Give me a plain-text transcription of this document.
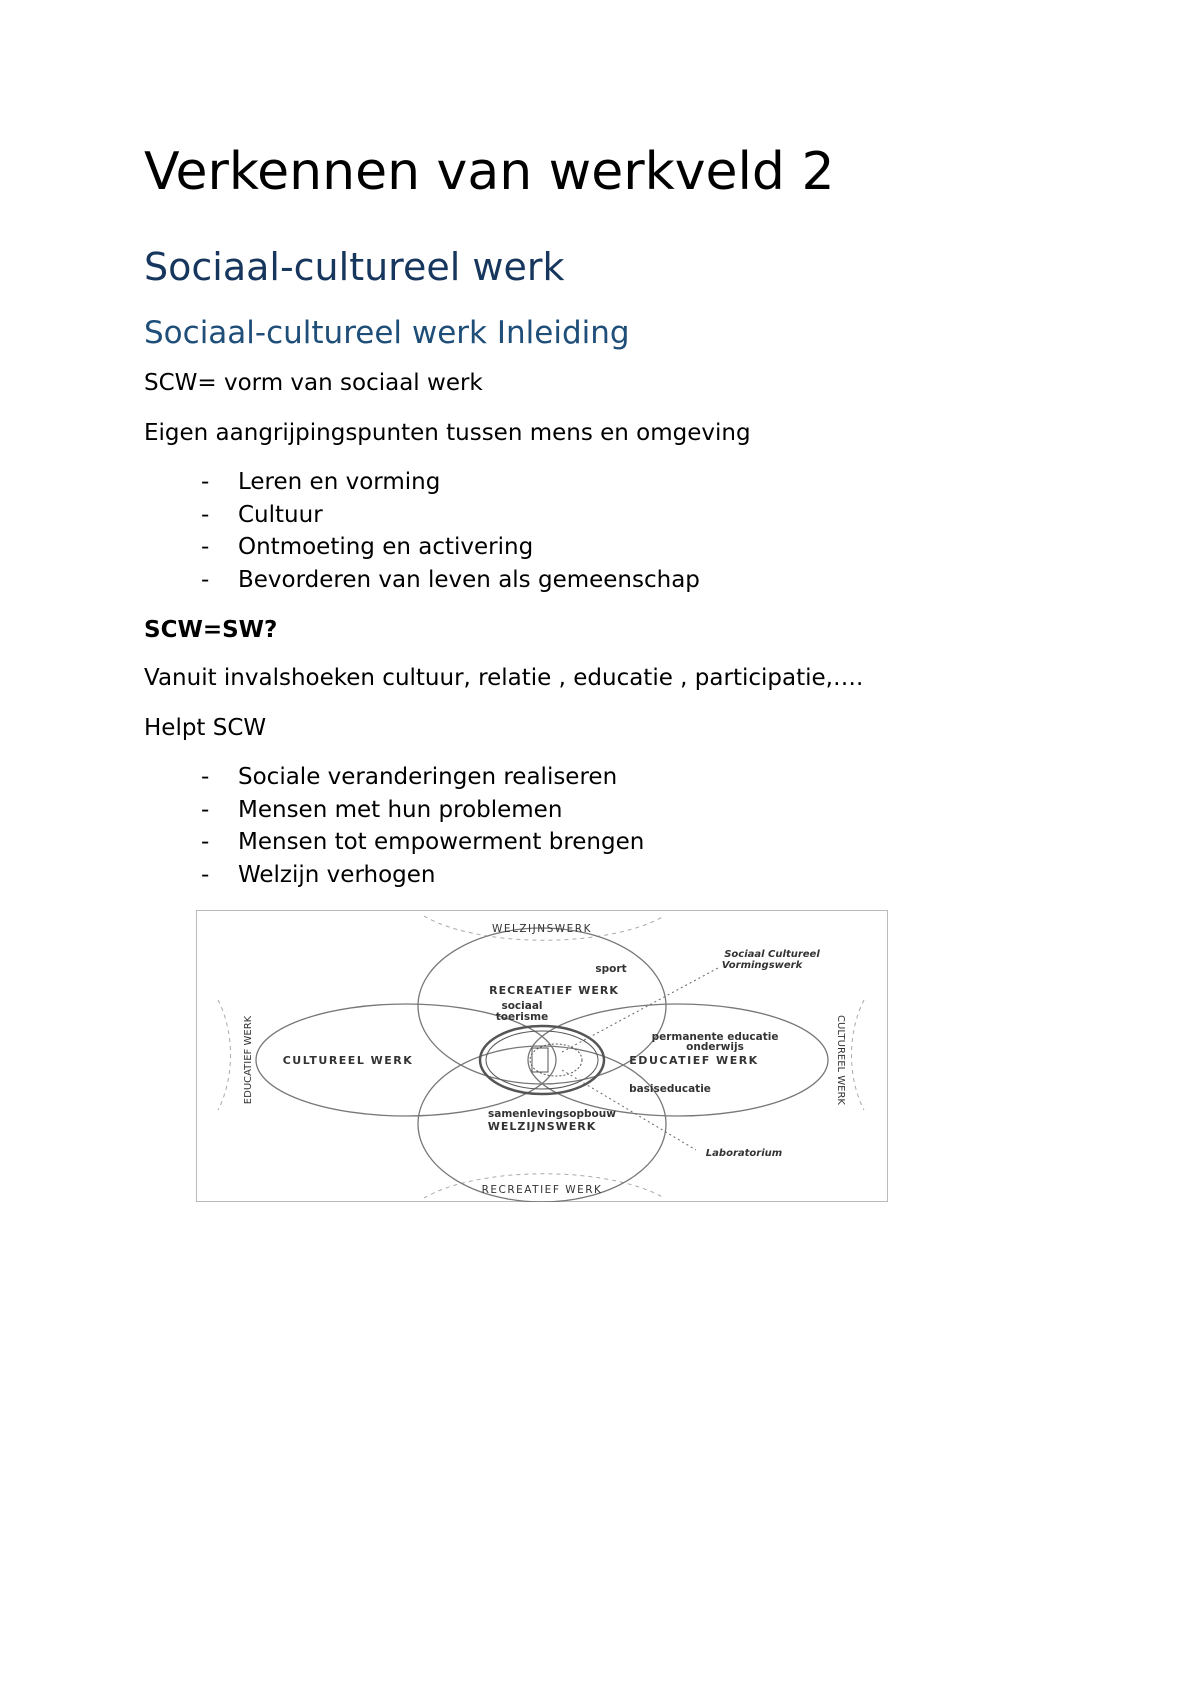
Verkennen van werkveld 2
Sociaal-cultureel werk
Sociaal-cultureel werk Inleiding
SCW= vorm van sociaal werk
Eigen aangrijpingspunten tussen mens en omgeving
- Leren en vorming
- Cultuur
- Ontmoeting en activering
- Bevorderen van leven als gemeenschap
SCW=SW?
Vanuit invalshoeken cultuur, relatie , educatie , participatie,….
Helpt SCW
- Sociale veranderingen realiseren
- Mensen met hun problemen
- Mensen tot empowerment brengen
- Welzijn verhogen
WELZIJNSWERK
RECREATIEF WERK
EDUCATIEF WERK	CULTUREEL WERK
sport
RECREATIEF WERK
sociaal
toerisme
CULTUREEL WERK
permanente educatie
onderwijs
EDUCATIEF WERK
basiseducatie
samenlevingsopbouw
WELZIJNSWERK
Sociaal Cultureel
Vormingswerk
Laboratorium
